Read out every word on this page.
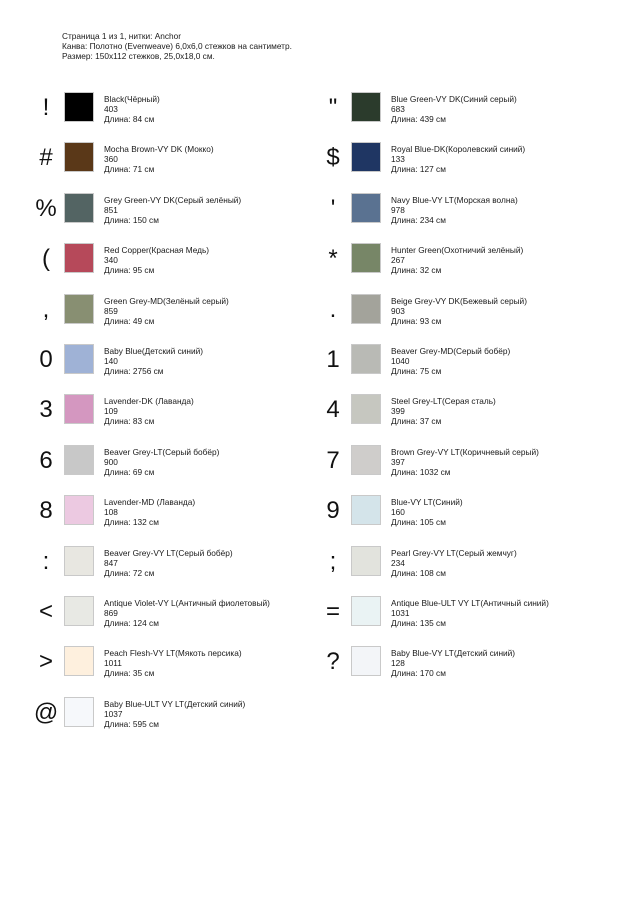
Страница 1 из 1, нитки: Anchor
Канва: Полотно (Evenweave) 6,0x6,0 стежков на сантиметр.
Размер: 150x112 стежков, 25,0x18,0 см.
!	Black(Чёрный)
403
Длина: 84 см	"	Blue Green-VY DK(Синий серый)
683
Длина: 439 см
#	Mocha Brown-VY DK (Мокко)
360
Длина: 71 см	$	Royal Blue-DK(Королевский синий)
133
Длина: 127 см
%	Grey Green-VY DK(Серый зелёный)
851
Длина: 150 см	'	Navy Blue-VY LT(Морская волна)
978
Длина: 234 см
(	Red Copper(Красная Медь)
340
Длина: 95 см	*	Hunter Green(Охотничий зелёный)
267
Длина: 32 см
,	Green Grey-MD(Зелёный серый)
859
Длина: 49 см	.	Beige Grey-VY DK(Бежевый серый)
903
Длина: 93 см
0	Baby Blue(Детский синий)
140
Длина: 2756 см	1	Beaver Grey-MD(Серый бобёр)
1040
Длина: 75 см
3	Lavender-DK (Лаванда)
109
Длина: 83 см	4	Steel Grey-LT(Серая сталь)
399
Длина: 37 см
6	Beaver Grey-LT(Серый бобёр)
900
Длина: 69 см	7	Brown Grey-VY LT(Коричневый серый)
397
Длина: 1032 см
8	Lavender-MD (Лаванда)
108
Длина: 132 см	9	Blue-VY LT(Синий)
160
Длина: 105 см
:	Beaver Grey-VY LT(Серый бобёр)
847
Длина: 72 см	;	Pearl Grey-VY LT(Серый жемчуг)
234
Длина: 108 см
<	Antique Violet-VY L(Античный фиолетовый)
869
Длина: 124 см	=	Antique Blue-ULT VY LT(Античный синий)
1031
Длина: 135 см
>	Peach Flesh-VY LT(Мякоть персика)
1011
Длина: 35 см	?	Baby Blue-VY LT(Детский синий)
128
Длина: 170 см
@	Baby Blue-ULT VY LT(Детский синий)
1037
Длина: 595 см
